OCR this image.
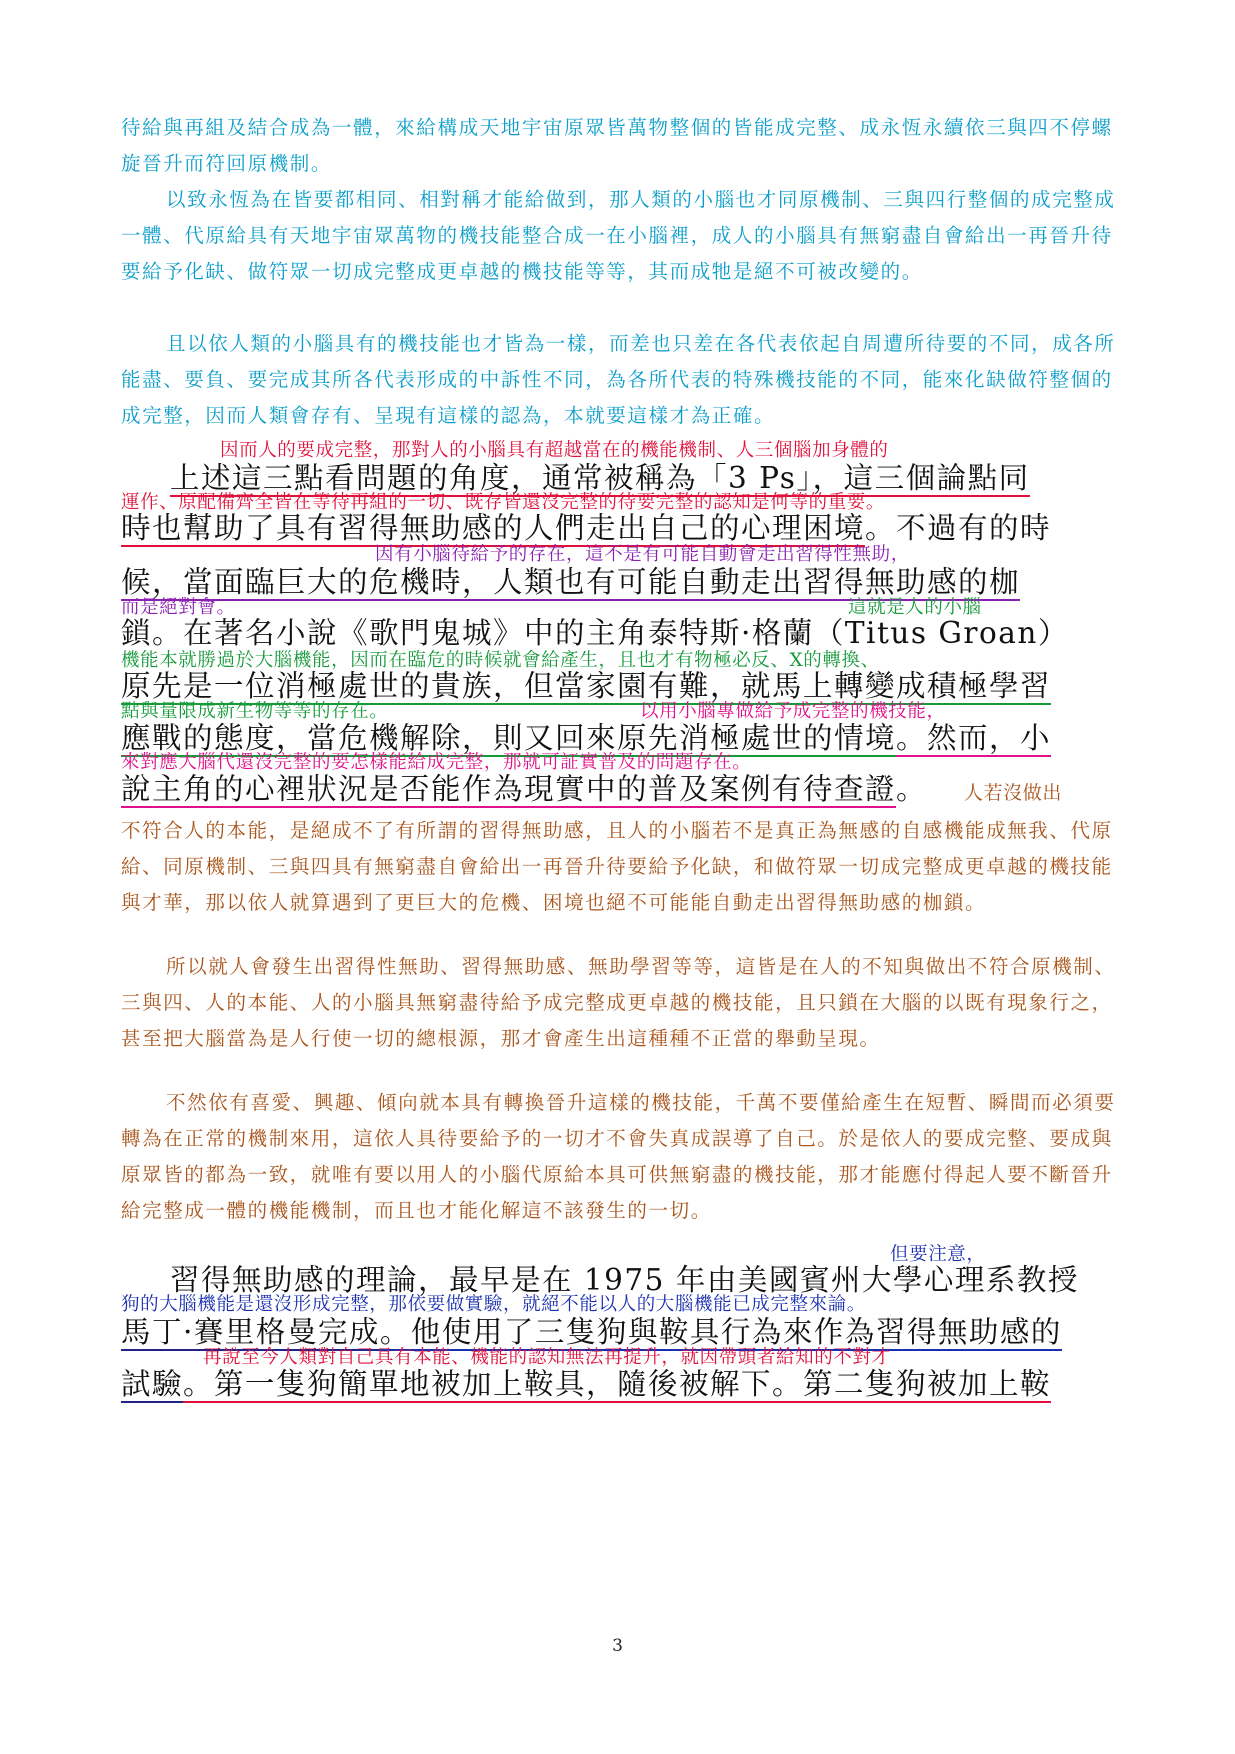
待給與再組及結合成為一體，來給構成天地宇宙原眾皆萬物整個的皆能成完整、成永恆永續依三與四不停螺旋晉升而符回原機制。

以致永恆為在皆要都相同、相對稱才能給做到，那人類的小腦也才同原機制、三與四行整個的成完整成一體、代原給具有天地宇宙眾萬物的機技能整合成一在小腦裡，成人的小腦具有無窮盡自會給出一再晉升待要給予化缺、做符眾一切成完整成更卓越的機技能等等，其而成牠是絕不可被改變的。

且以依人類的小腦具有的機技能也才皆為一樣，而差也只差在各代表依起自周遭所待要的不同，成各所能盡、要負、要完成其所各代表形成的中訴性不同，為各所代表的特殊機技能的不同，能來化缺做符整個的成完整，因而人類會存有、呈現有這樣的認為，本就要這樣才為正確。

因而人的要成完整，那對人的小腦具有超越當在的機能機制、人三個腦加身體的
上述這三點看問題的角度，通常被稱為「3 Ps」，這三個論點同
運作、原配備齊全皆在等待再組的一切、既存皆還沒完整的待要完整的認知是何等的重要。
時也幫助了具有習得無助感的人們走出自己的心理困境。不過有的時
因有小腦待給予的存在，這不是有可能自動會走出習得性無助，
候，當面臨巨大的危機時，人類也有可能自動走出習得無助感的枷
而是絕對會。	這就是人的小腦
鎖。在著名小說《歌門鬼城》中的主角泰特斯·格蘭（Titus Groan）
機能本就勝過於大腦機能，因而在臨危的時候就會給產生，且也才有物極必反、X的轉換、
原先是一位消極處世的貴族，但當家園有難，就馬上轉變成積極學習
點與量限成新生物等等的存在。	以用小腦專做給予成完整的機技能，
應戰的態度，當危機解除，則又回來原先消極處世的情境。然而，小
來對應大腦代還沒完整的要怎樣能給成完整，那就可証實普及的問題存在。
說主角的心裡狀況是否能作為現實中的普及案例有待查證。 人若沒做出

不符合人的本能，是絕成不了有所謂的習得無助感，且人的小腦若不是真正為無感的自感機能成無我、代原給、同原機制、三與四具有無窮盡自會給出一再晉升待要給予化缺，和做符眾一切成完整成更卓越的機技能與才華，那以依人就算遇到了更巨大的危機、困境也絕不可能能自動走出習得無助感的枷鎖。

所以就人會發生出習得性無助、習得無助感、無助學習等等，這皆是在人的不知與做出不符合原機制、三與四、人的本能、人的小腦具無窮盡待給予成完整成更卓越的機技能，且只鎖在大腦的以既有現象行之，甚至把大腦當為是人行使一切的總根源，那才會產生出這種種不正當的舉動呈現。

不然依有喜愛、興趣、傾向就本具有轉換晉升這樣的機技能，千萬不要僅給產生在短暫、瞬間而必須要轉為在正常的機制來用，這依人具待要給予的一切才不會失真成誤導了自己。於是依人的要成完整、要成與原眾皆的都為一致，就唯有要以用人的小腦代原給本具可供無窮盡的機技能，那才能應付得起人要不斷晉升給完整成一體的機能機制，而且也才能化解這不該發生的一切。

但要注意，
習得無助感的理論，最早是在 1975 年由美國賓州大學心理系教授
狗的大腦機能是還沒形成完整，那依要做實驗，就絕不能以人的大腦機能已成完整來論。
馬丁·賽里格曼完成。他使用了三隻狗與鞍具行為來作為習得無助感的
再說至今人類對自己具有本能、機能的認知無法再提升，就因帶頭者給知的不對才
試驗。第一隻狗簡單地被加上鞍具，隨後被解下。第二隻狗被加上鞍
3
